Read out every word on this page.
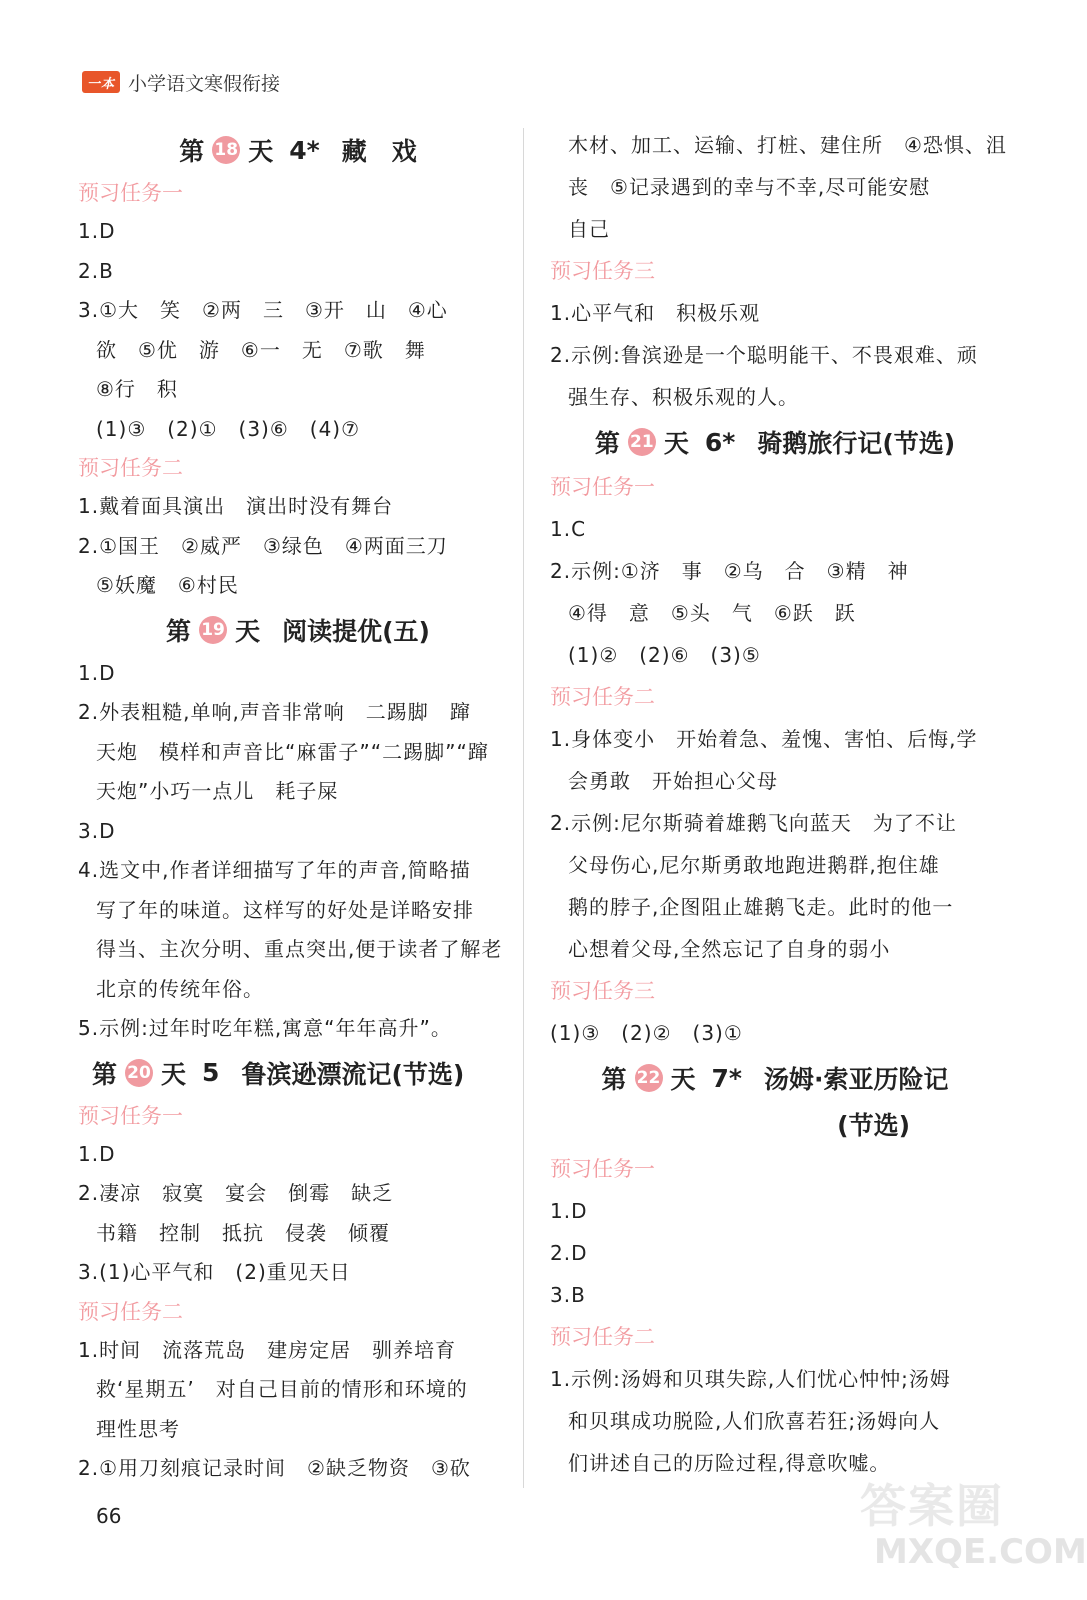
一本 小学语文寒假衔接
第 18 天 4* 藏　戏
预习任务一
1.D
2.B
3.①大　笑　②两　三　③开　山　④心
欲　⑤优　游　⑥一　无　⑦歌　舞
⑧行　积
(1)③　(2)①　(3)⑥　(4)⑦
预习任务二
1.戴着面具演出　演出时没有舞台
2.①国王　②威严　③绿色　④两面三刀
⑤妖魔　⑥村民
第 19 天 阅读提优(五)
1.D
2.外表粗糙,单响,声音非常响　二踢脚　蹿
天炮　模样和声音比“麻雷子”“二踢脚”“蹿
天炮”小巧一点儿　耗子屎
3.D
4.选文中,作者详细描写了年的声音,简略描
写了年的味道。这样写的好处是详略安排
得当、主次分明、重点突出,便于读者了解老
北京的传统年俗。
5.示例:过年时吃年糕,寓意“年年高升”。
第 20 天 5 鲁滨逊漂流记(节选)
预习任务一
1.D
2.凄凉　寂寞　宴会　倒霉　缺乏
书籍　控制　抵抗　侵袭　倾覆
3.(1)心平气和　(2)重见天日
预习任务二
1.时间　流落荒岛　建房定居　驯养培育
救‘星期五’　对自己目前的情形和环境的
理性思考
2.①用刀刻痕记录时间　②缺乏物资　③砍
木材、加工、运输、打桩、建住所　④恐惧、沮
丧　⑤记录遇到的幸与不幸,尽可能安慰
自己
预习任务三
1.心平气和　积极乐观
2.示例:鲁滨逊是一个聪明能干、不畏艰难、顽
强生存、积极乐观的人。
第 21 天 6* 骑鹅旅行记(节选)
预习任务一
1.C
2.示例:①济　事　②乌　合　③精　神
④得　意　⑤头　气　⑥跃　跃
(1)②　(2)⑥　(3)⑤
预习任务二
1.身体变小　开始着急、羞愧、害怕、后悔,学
会勇敢　开始担心父母
2.示例:尼尔斯骑着雄鹅飞向蓝天　为了不让
父母伤心,尼尔斯勇敢地跑进鹅群,抱住雄
鹅的脖子,企图阻止雄鹅飞走。此时的他一
心想着父母,全然忘记了自身的弱小
预习任务三
(1)③　(2)②　(3)①
第 22 天 7* 汤姆·索亚历险记
(节选)
预习任务一
1.D
2.D
3.B
预习任务二
1.示例:汤姆和贝琪失踪,人们忧心忡忡;汤姆
和贝琪成功脱险,人们欣喜若狂;汤姆向人
们讲述自己的历险过程,得意吹嘘。
66	答案圈
MXQE.COM
